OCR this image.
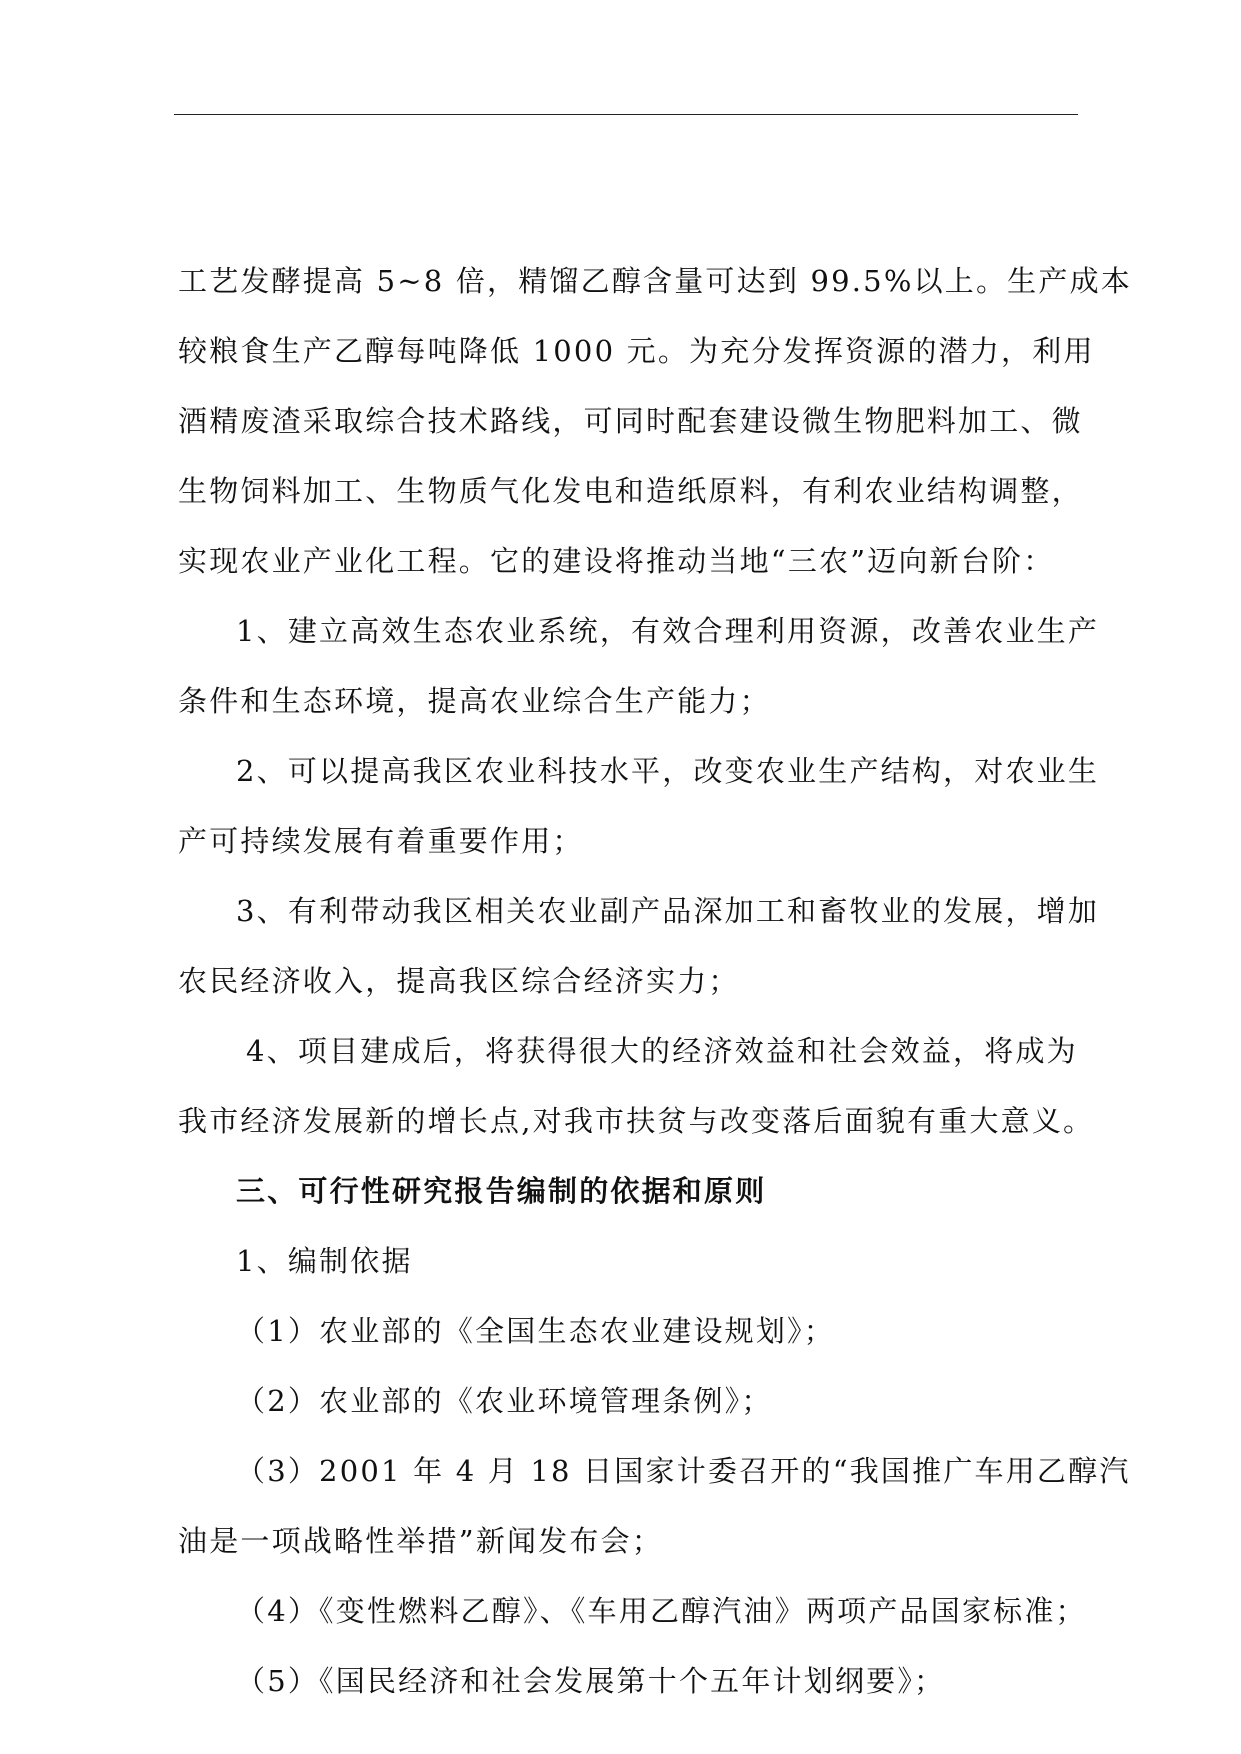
工艺发酵提高 5~8 倍，精馏乙醇含量可达到 99.5%以上。生产成本
较粮食生产乙醇每吨降低 1000 元。为充分发挥资源的潜力，利用
酒精废渣采取综合技术路线，可同时配套建设微生物肥料加工、微
生物饲料加工、生物质气化发电和造纸原料，有利农业结构调整，
实现农业产业化工程。它的建设将推动当地“三农”迈向新台阶：
1、建立高效生态农业系统，有效合理利用资源，改善农业生产
条件和生态环境，提高农业综合生产能力；
2、可以提高我区农业科技水平，改变农业生产结构，对农业生
产可持续发展有着重要作用；
3、有利带动我区相关农业副产品深加工和畜牧业的发展，增加
农民经济收入，提高我区综合经济实力；
4、项目建成后，将获得很大的经济效益和社会效益，将成为
我市经济发展新的增长点,对我市扶贫与改变落后面貌有重大意义。
三、可行性研究报告编制的依据和原则
1、编制依据
（1）农业部的《全国生态农业建设规划》；
（2）农业部的《农业环境管理条例》；
（3）2001 年 4 月 18 日国家计委召开的“我国推广车用乙醇汽
油是一项战略性举措”新闻发布会；
（4）《变性燃料乙醇》、《车用乙醇汽油》两项产品国家标准；
（5）《国民经济和社会发展第十个五年计划纲要》；
